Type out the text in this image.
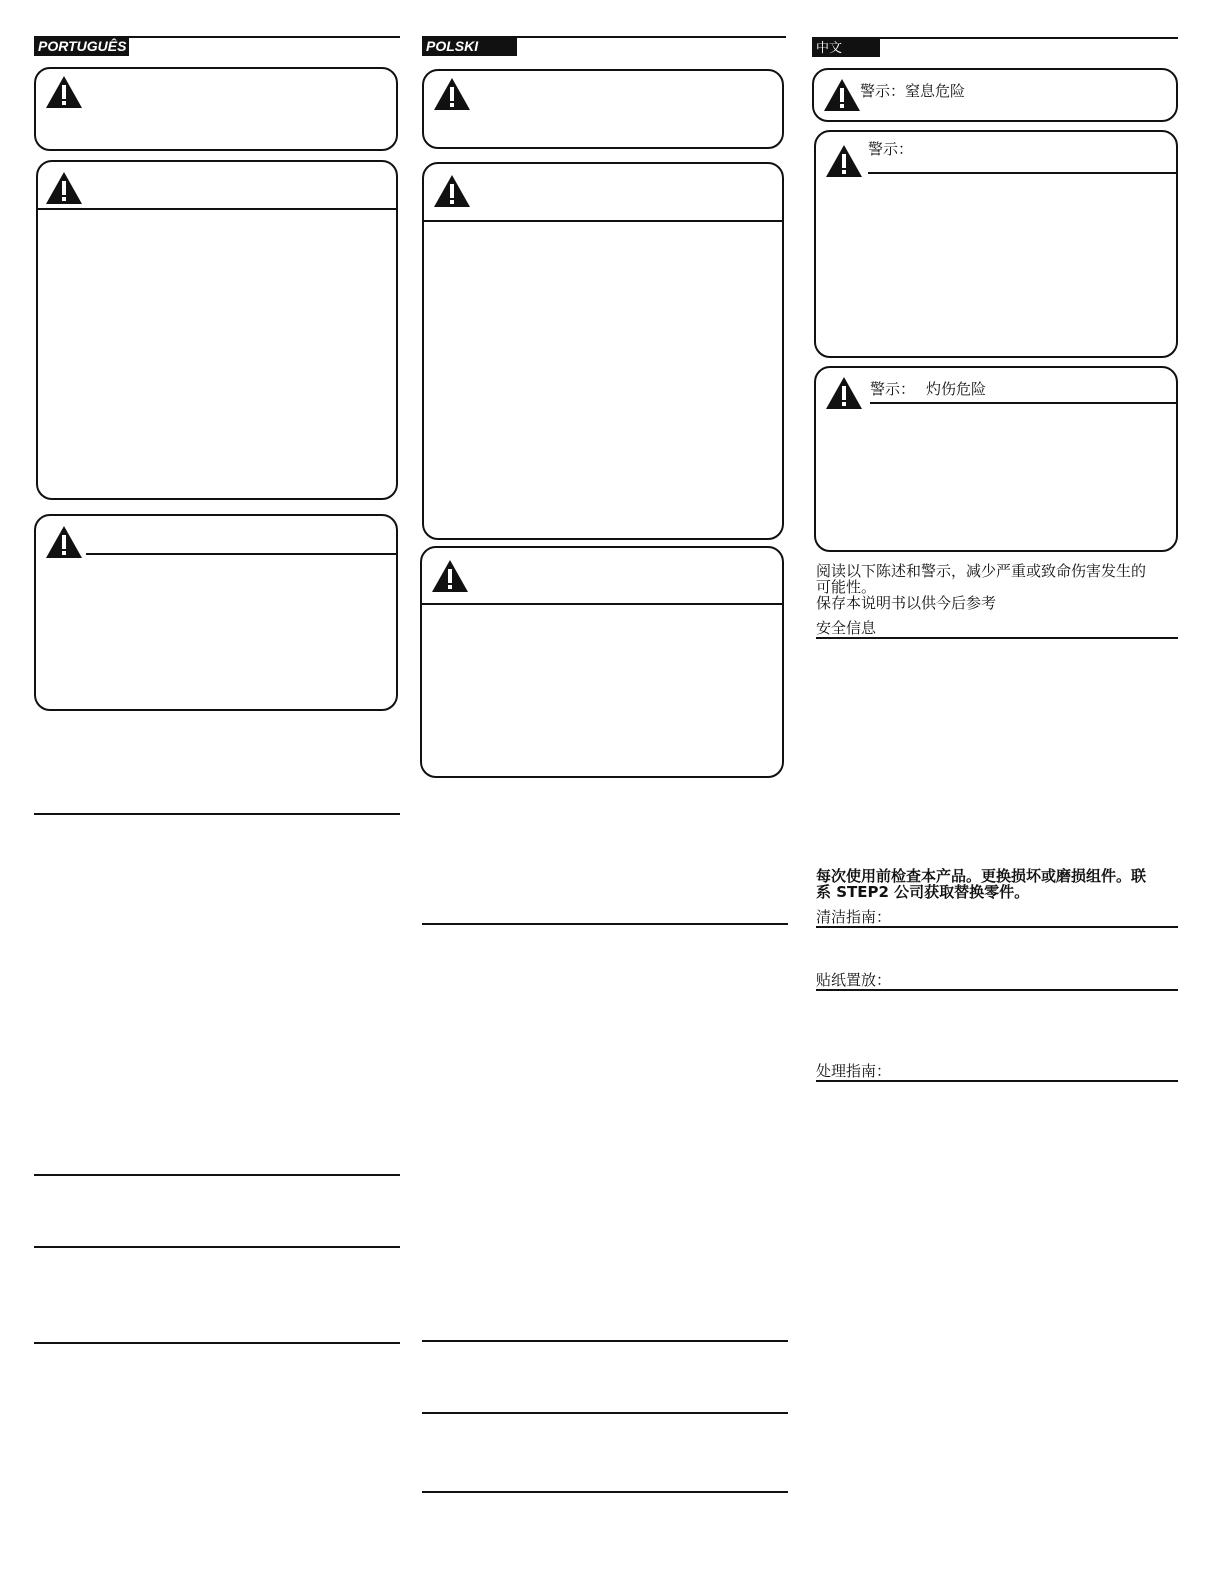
PORTUGUÊS	POLSKI	中文
警示：窒息危险
警示：
警示： 灼伤危险
阅读以下陈述和警示，减少严重或致命伤害发生的
可能性。
保存本说明书以供今后参考
安全信息
每次使用前检查本产品。更换损坏或磨损组件。联
系 STEP2 公司获取替换零件。
清洁指南：
贴纸置放：
处理指南：
